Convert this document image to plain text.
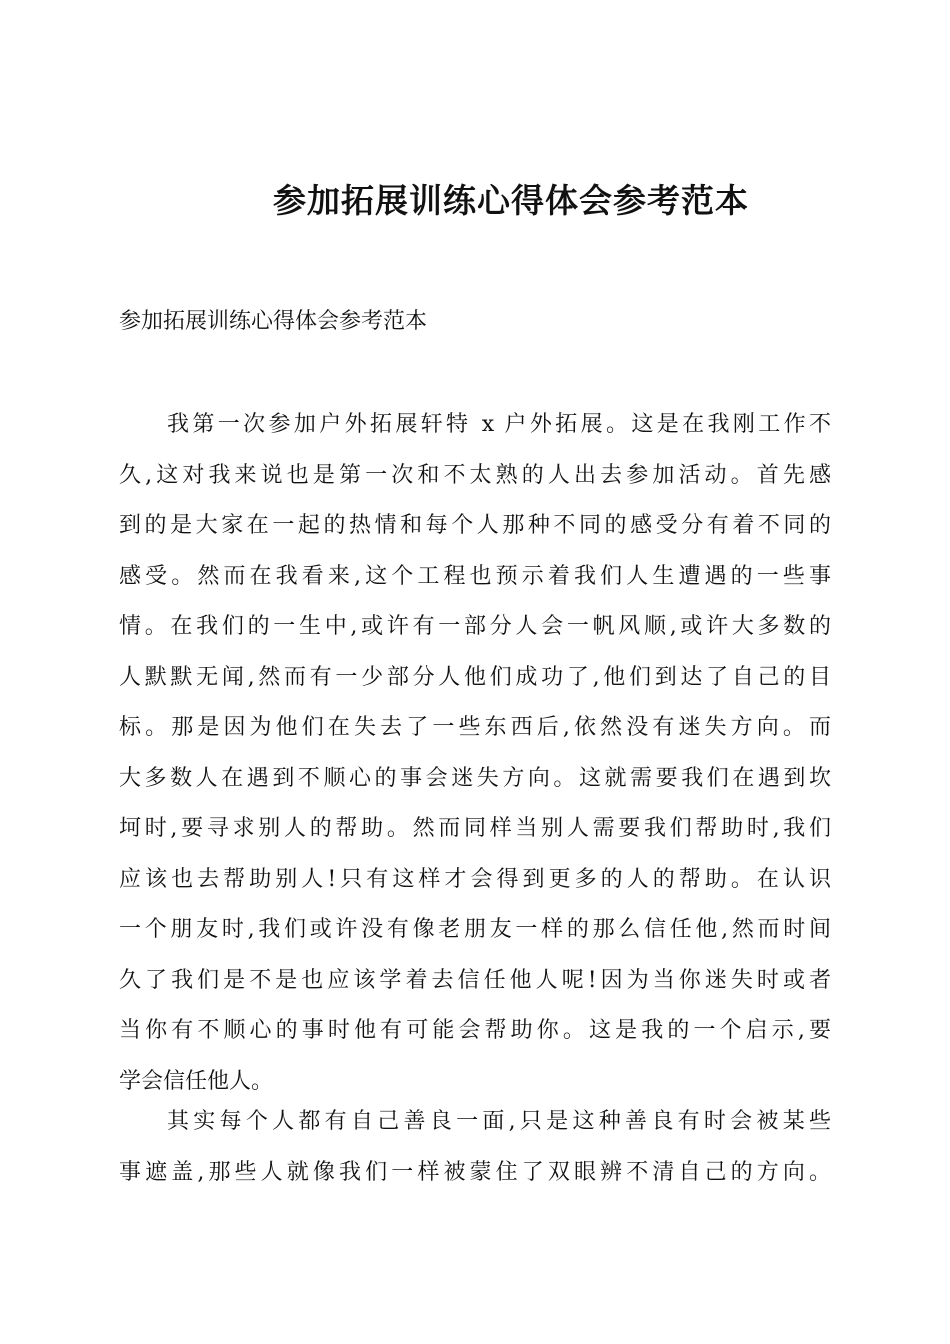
参加拓展训练心得体会参考范本
参加拓展训练心得体会参考范本
我第一次参加户外拓展轩特 x 户外拓展。这是在我刚工作不
久,这对我来说也是第一次和不太熟的人出去参加活动。首先感
到的是大家在一起的热情和每个人那种不同的感受分有着不同的
感受。然而在我看来,这个工程也预示着我们人生遭遇的一些事
情。在我们的一生中,或许有一部分人会一帆风顺,或许大多数的
人默默无闻,然而有一少部分人他们成功了,他们到达了自己的目
标。那是因为他们在失去了一些东西后,依然没有迷失方向。而
大多数人在遇到不顺心的事会迷失方向。这就需要我们在遇到坎
坷时,要寻求别人的帮助。然而同样当别人需要我们帮助时,我们
应该也去帮助别人!只有这样才会得到更多的人的帮助。在认识
一个朋友时,我们或许没有像老朋友一样的那么信任他,然而时间
久了我们是不是也应该学着去信任他人呢!因为当你迷失时或者
当你有不顺心的事时他有可能会帮助你。这是我的一个启示,要
学会信任他人。
其实每个人都有自己善良一面,只是这种善良有时会被某些
事遮盖,那些人就像我们一样被蒙住了双眼辨不清自己的方向。
